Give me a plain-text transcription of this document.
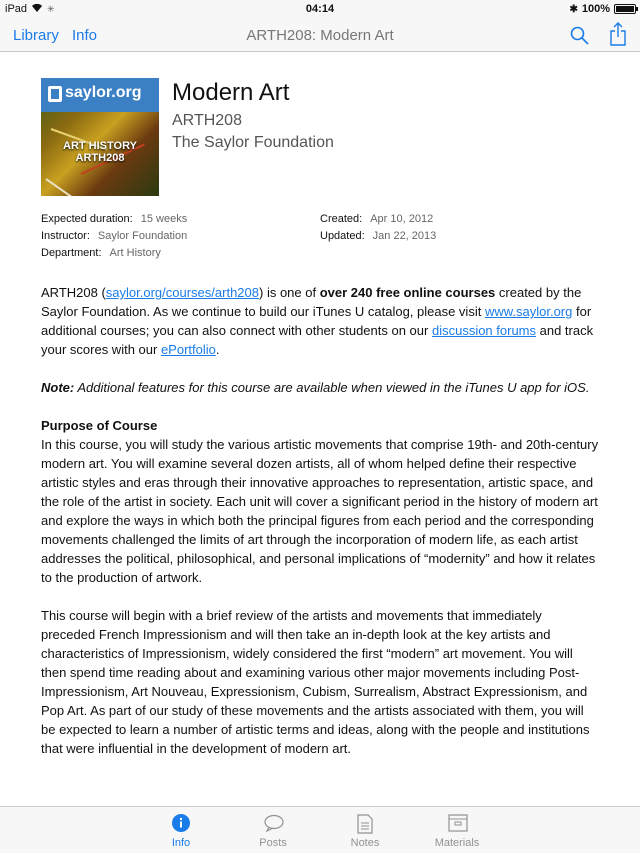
iPad ✳	04:14	✱ 100%
Library Info	ARTH208: Modern Art
saylor.org
ART HISTORY
ARTH208
Modern Art
ARTH208
The Saylor Foundation
Expected duration: 15 weeks
Instructor: Saylor Foundation
Department: Art History
Created: Apr 10, 2012
Updated: Jan 22, 2013

ARTH208 (saylor.org/courses/arth208) is one of over 240 free online courses created by the Saylor Foundation. As we continue to build our iTunes U catalog, please visit www.saylor.org for additional courses; you can also connect with other students on our discussion forums and track your scores with our ePortfolio.

Note: Additional features for this course are available when viewed in the iTunes U app for iOS.

Purpose of Course

In this course, you will study the various artistic movements that comprise 19th- and 20th-century modern art. You will examine several dozen artists, all of whom helped define their respective artistic styles and eras through their innovative approaches to representation, artistic space, and the role of the artist in society. Each unit will cover a significant period in the history of modern art and explore the ways in which both the principal figures from each period and the corresponding movements challenged the limits of art through the incorporation of modern life, as each artist addresses the political, philosophical, and personal implications of “modernity” and how it relates to the production of artwork.

This course will begin with a brief review of the artists and movements that immediately preceded French Impressionism and will then take an in-depth look at the key artists and characteristics of Impressionism, widely considered the first “modern” art movement. You will then spend time reading about and examining various other major movements including Post-Impressionism, Art Nouveau, Expressionism, Cubism, Surrealism, Abstract Expressionism, and Pop Art. As part of our study of these movements and the artists associated with them, you will be expected to learn a number of artistic terms and ideas, along with the people and institutions that were influential in the development of modern art.

Info	Posts	Notes	Materials
